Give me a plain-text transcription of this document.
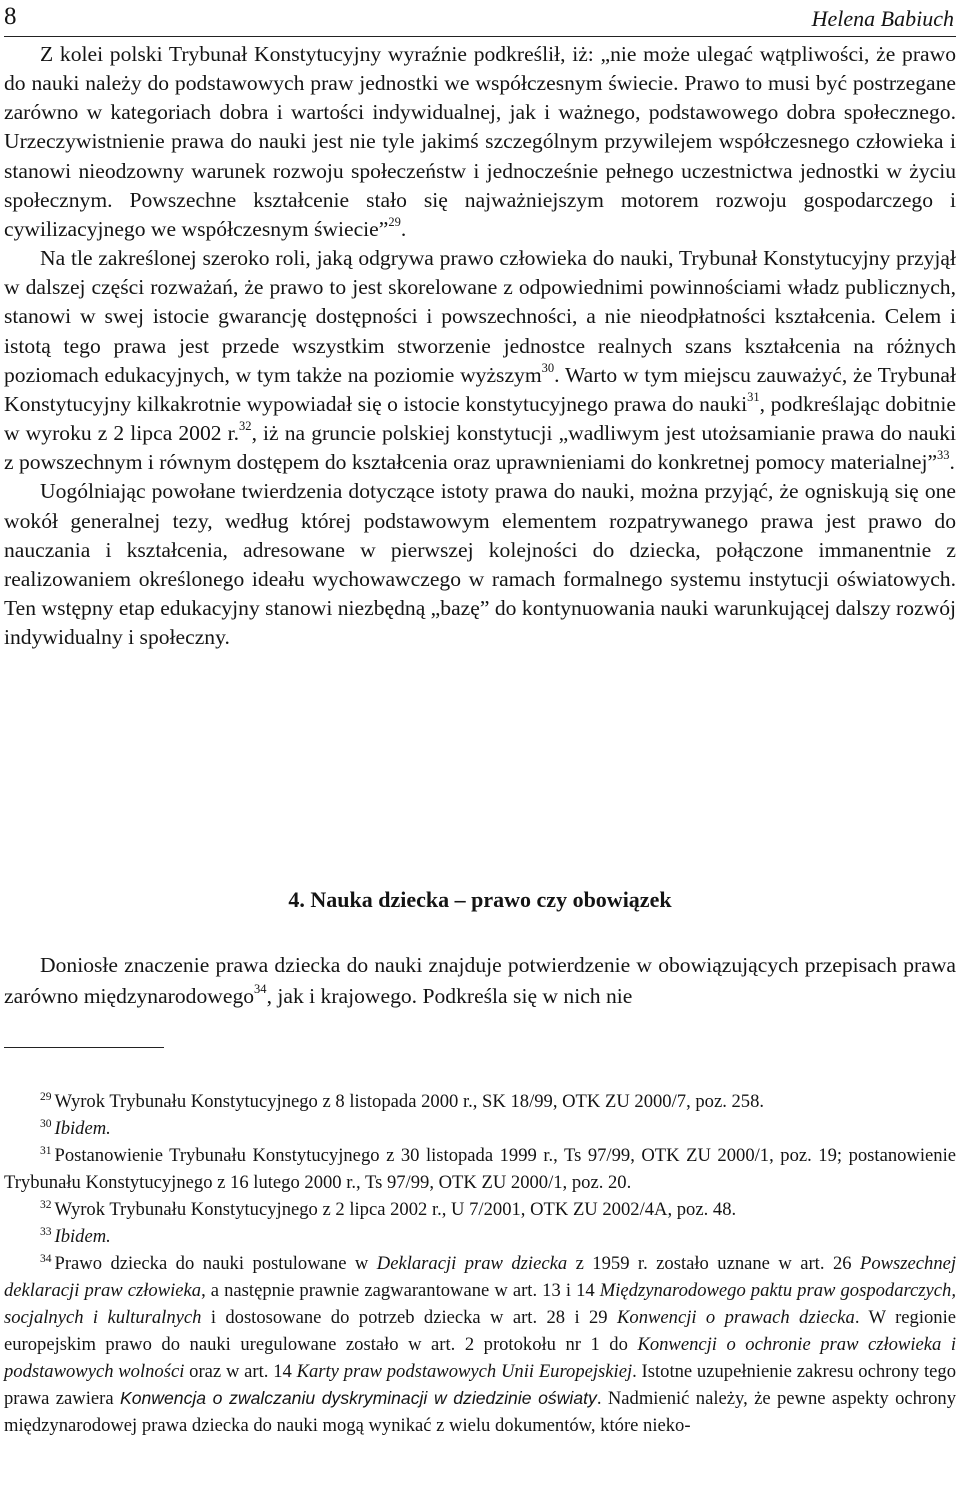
8	Helena Babiuch

Z kolei polski Trybunał Konstytucyjny wyraźnie podkreślił, iż: „nie może ulegać wątpliwości, że prawo do nauki należy do podstawowych praw jednostki we współczesnym świecie. Prawo to musi być postrzegane zarówno w kategoriach dobra i wartości indywidualnej, jak i ważnego, podstawowego dobra społecznego. Urzeczywistnienie prawa do nauki jest nie tyle jakimś szczególnym przywilejem współczesnego człowieka i stanowi nieodzowny warunek rozwoju społeczeństw i jednocześnie pełnego uczestnictwa jednostki w życiu społecznym. Powszechne kształcenie stało się najważniejszym motorem rozwoju gospodarczego i cywilizacyjnego we współczesnym świecie”$^{29}$.

Na tle zakreślonej szeroko roli, jaką odgrywa prawo człowieka do nauki, Trybunał Konstytucyjny przyjął w dalszej części rozważań, że prawo to jest skorelowane z odpowiednimi powinnościami władz publicznych, stanowi w swej istocie gwarancję dostępności i powszechności, a nie nieodpłatności kształcenia. Celem i istotą tego prawa jest przede wszystkim stworzenie jednostce realnych szans kształcenia na różnych poziomach edukacyjnych, w tym także na poziomie wyższym$^{30}$. Warto w tym miejscu zauważyć, że Trybunał Konstytucyjny kilkakrotnie wypowiadał się o istocie konstytucyjnego prawa do nauki$^{31}$, podkreślając dobitnie w wyroku z 2 lipca 2002 r.$^{32}$, iż na gruncie polskiej konstytucji „wadliwym jest utożsamianie prawa do nauki z powszechnym i równym dostępem do kształcenia oraz uprawnieniami do konkretnej pomocy materialnej”$^{33}$.

Uogólniając powołane twierdzenia dotyczące istoty prawa do nauki, można przyjąć, że ogniskują się one wokół generalnej tezy, według której podstawowym elementem rozpatrywanego prawa jest prawo do nauczania i kształcenia, adresowane w pierwszej kolejności do dziecka, połączone immanentnie z realizowaniem określonego ideału wychowawczego w ramach formalnego systemu instytucji oświatowych. Ten wstępny etap edukacyjny stanowi niezbędną „bazę” do kontynuowania nauki warunkującej dalszy rozwój indywidualny i społeczny.

4. Nauka dziecka – prawo czy obowiązek

Doniosłe znaczenie prawa dziecka do nauki znajduje potwierdzenie w obowiązujących przepisach prawa zarówno międzynarodowego$^{34}$, jak i krajowego. Podkreśla się w nich nie

$^{29}$ Wyrok Trybunału Konstytucyjnego z 8 listopada 2000 r., SK 18/99, OTK ZU 2000/7, poz. 258.

$^{30}$ Ibidem.

$^{31}$ Postanowienie Trybunału Konstytucyjnego z 30 listopada 1999 r., Ts 97/99, OTK ZU 2000/1, poz. 19; postanowienie Trybunału Konstytucyjnego z 16 lutego 2000 r., Ts 97/99, OTK ZU 2000/1, poz. 20.

$^{32}$ Wyrok Trybunału Konstytucyjnego z 2 lipca 2002 r., U 7/2001, OTK ZU 2002/4A, poz. 48.

$^{33}$ Ibidem.

$^{34}$ Prawo dziecka do nauki postulowane w Deklaracji praw dziecka z 1959 r. zostało uznane w art. 26 Powszechnej deklaracji praw człowieka, a następnie prawnie zagwarantowane w art. 13 i 14 Międzynarodowego paktu praw gospodarczych, socjalnych i kulturalnych i dostosowane do potrzeb dziecka w art. 28 i 29 Konwencji o prawach dziecka. W regionie europejskim prawo do nauki uregulowane zostało w art. 2 protokołu nr 1 do Konwencji o ochronie praw człowieka i podstawowych wolności oraz w art. 14 Karty praw podstawowych Unii Europejskiej. Istotne uzupełnienie zakresu ochrony tego prawa zawiera Konwencja o zwalczaniu dyskryminacji w dziedzinie oświaty. Nadmienić należy, że pewne aspekty ochrony międzynarodowej prawa dziecka do nauki mogą wynikać z wielu dokumentów, które nieko-
